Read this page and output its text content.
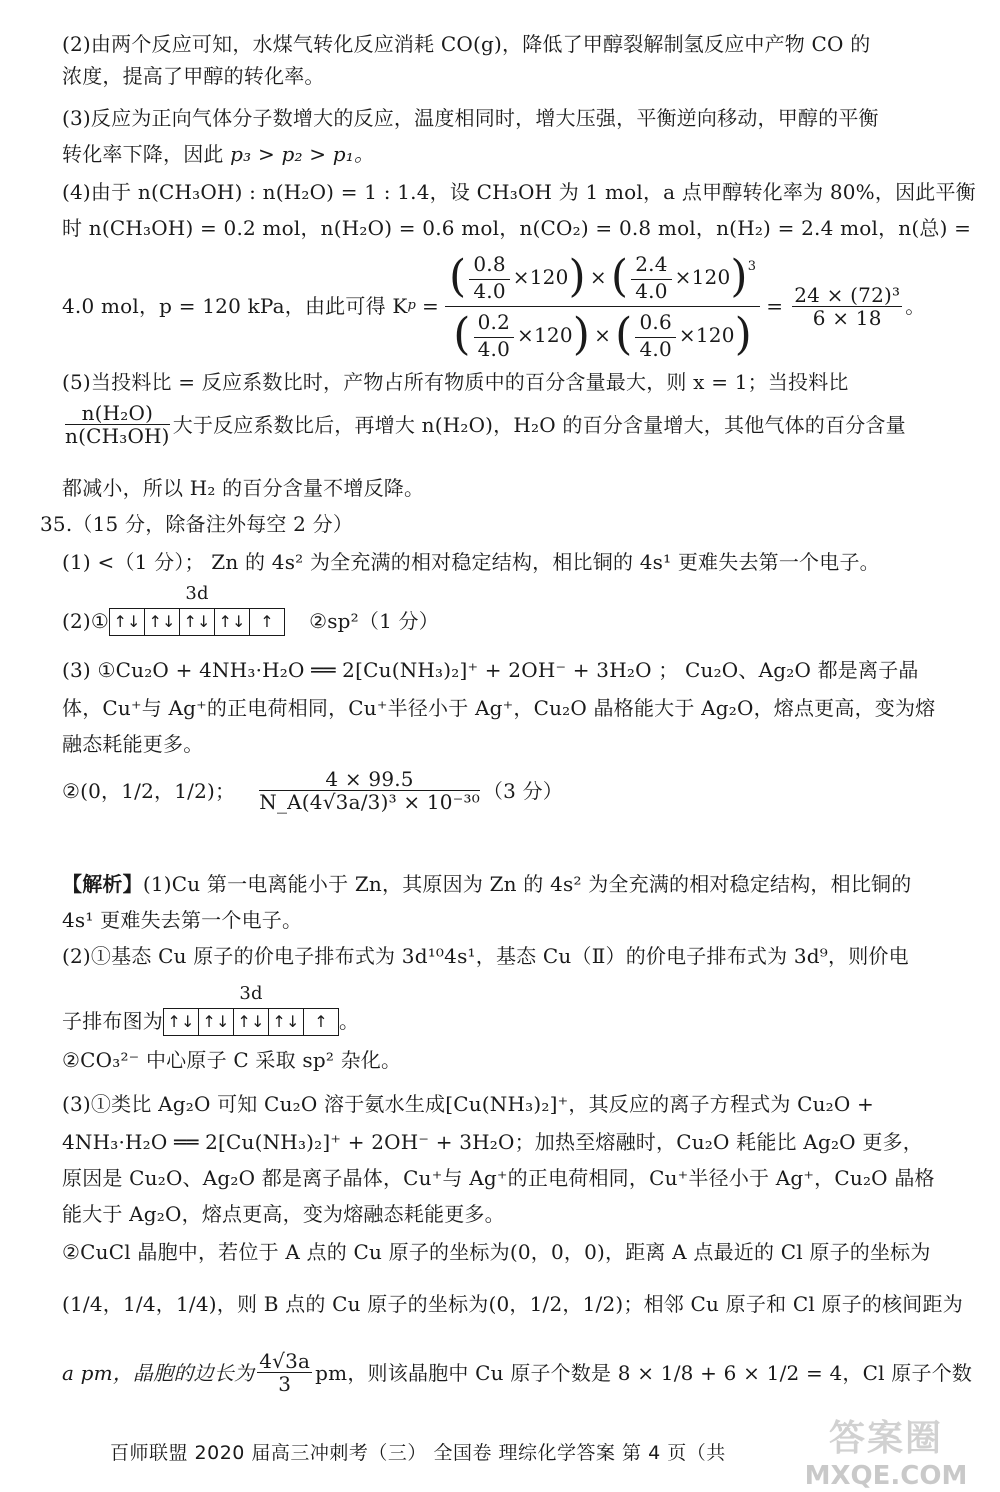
(2)由两个反应可知，水煤气转化反应消耗 CO(g)，降低了甲醇裂解制氢反应中产物 CO 的
浓度，提高了甲醇的转化率。
(3)反应为正向气体分子数增大的反应，温度相同时，增大压强，平衡逆向移动，甲醇的平衡
转化率下降，因此 p₃ > p₂ > p₁。
(4)由于 n(CH₃OH) : n(H₂O) = 1 : 1.4，设 CH₃OH 为 1 mol，a 点甲醇转化率为 80%，因此平衡
时 n(CH₃OH) = 0.2 mol，n(H₂O) = 0.6 mol，n(CO₂) = 0.8 mol，n(H₂) = 2.4 mol，n(总) =
4.0 mol，p = 120 kPa，由此可得 K p =
( $\frac{0.8}{4.0} \times 120$ ) × ( $\frac{2.4}{4.0} \times 120$ )$^3$
( $\frac{0.2}{4.0} \times 120$ ) × ( $\frac{0.6}{4.0} \times 120$ )
= $\frac{\text{24 × (72)³}}{6 \times 18}$ 。
(5)当投料比 = 反应系数比时，产物占所有物质中的百分含量最大，则 x = 1；当投料比
$\frac{\text{n(H₂O)}}{\text{n(CH₃OH)}}$ 大于反应系数比后，再增大 n(H₂O)，H₂O 的百分含量增大，其他气体的百分含量
都减小，所以 H₂ 的百分含量不增反降。
35.（15 分，除备注外每空 2 分）
(1) <（1 分）； Zn 的 4s² 为全充满的相对稳定结构，相比铜的 4s¹ 更难失去第一个电子。
(2)①
3d
↑↓ ↑↓ ↑↓ ↑↓ ↑	②sp²（1 分）
(3) ①Cu₂O + 4NH₃·H₂O ══ 2[Cu(NH₃)₂]⁺ + 2OH⁻ + 3H₂O ； Cu₂O、Ag₂O 都是离子晶
体，Cu⁺与 Ag⁺的正电荷相同，Cu⁺半径小于 Ag⁺，Cu₂O 晶格能大于 Ag₂O，熔点更高，变为熔
融态耗能更多。
②(0，1/2，1/2)； $\frac{4 \times 99.5}{\text{N\_A(4√3a/3)³ × 10⁻³⁰}} (3$ 分）
【解析】(1)Cu 第一电离能小于 Zn，其原因为 Zn 的 4s² 为全充满的相对稳定结构，相比铜的
4s¹ 更难失去第一个电子。
(2)①基态 Cu 原子的价电子排布式为 3d¹⁰4s¹，基态 Cu（Ⅱ）的价电子排布式为 3d⁹，则价电
子排布图为
3d
↑↓ ↑↓ ↑↓ ↑↓ ↑ 。
②CO₃²⁻ 中心原子 C 采取 sp² 杂化。
(3)①类比 Ag₂O 可知 Cu₂O 溶于氨水生成[Cu(NH₃)₂]⁺，其反应的离子方程式为 Cu₂O +
4NH₃·H₂O ══ 2[Cu(NH₃)₂]⁺ + 2OH⁻ + 3H₂O；加热至熔融时，Cu₂O 耗能比 Ag₂O 更多，
原因是 Cu₂O、Ag₂O 都是离子晶体，Cu⁺与 Ag⁺的正电荷相同，Cu⁺半径小于 Ag⁺，Cu₂O 晶格
能大于 Ag₂O，熔点更高，变为熔融态耗能更多。
②CuCl 晶胞中，若位于 A 点的 Cu 原子的坐标为(0，0，0)，距离 A 点最近的 Cl 原子的坐标为
(1/4，1/4，1/4)，则 B 点的 Cu 原子的坐标为(0，1/2，1/2)；相邻 Cu 原子和 Cl 原子的核间距为
a pm，晶胞的边长为 $\frac{4√3a}{3}$ pm，则该晶胞中 Cu 原子个数是 8 × 1/8 + 6 × 1/2 = 4，Cl 原子个数
百师联盟 2020 届高三冲刺考（三） 全国卷 理综化学答案 第 4 页（共	答案圈
MXQE.COM
